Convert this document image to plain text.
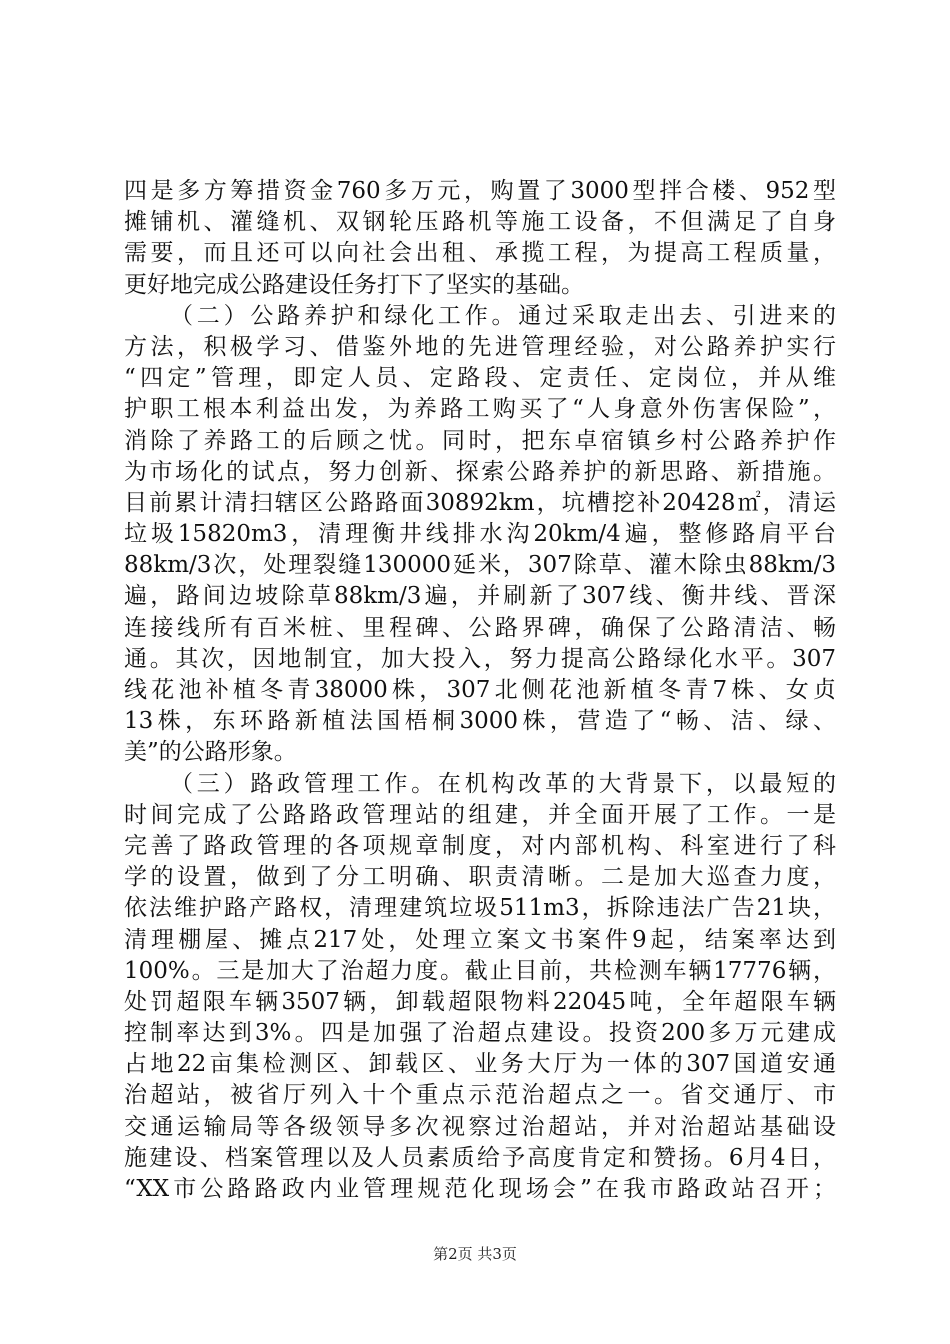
四是多方筹措资金760多万元，购置了3000型拌合楼、952型
摊铺机、灌缝机、双钢轮压路机等施工设备，不但满足了自身
需要，而且还可以向社会出租、承揽工程，为提高工程质量，
更好地完成公路建设任务打下了坚实的基础。
（二）公路养护和绿化工作。通过采取走出去、引进来的
方法，积极学习、借鉴外地的先进管理经验，对公路养护实行
“四定”管理，即定人员、定路段、定责任、定岗位，并从维
护职工根本利益出发，为养路工购买了“人身意外伤害保险”，
消除了养路工的后顾之忧。同时，把东卓宿镇乡村公路养护作
为市场化的试点，努力创新、探索公路养护的新思路、新措施。
目前累计清扫辖区公路路面30892km，坑槽挖补20428㎡，清运
垃圾15820m3，清理衡井线排水沟20km/4遍，整修路肩平台
88km/3次，处理裂缝130000延米，307除草、灌木除虫88km/3
遍，路间边坡除草88km/3遍，并刷新了307线、衡井线、晋深
连接线所有百米桩、里程碑、公路界碑，确保了公路清洁、畅
通。其次，因地制宜，加大投入，努力提高公路绿化水平。307
线花池补植冬青38000株，307北侧花池新植冬青7株、女贞
13株，东环路新植法国梧桐3000株，营造了“畅、洁、绿、
美”的公路形象。
（三）路政管理工作。在机构改革的大背景下，以最短的
时间完成了公路路政管理站的组建，并全面开展了工作。一是
完善了路政管理的各项规章制度，对内部机构、科室进行了科
学的设置，做到了分工明确、职责清晰。二是加大巡查力度，
依法维护路产路权，清理建筑垃圾511m3，拆除违法广告21块，
清理棚屋、摊点217处，处理立案文书案件9起，结案率达到
100%。三是加大了治超力度。截止目前，共检测车辆17776辆，
处罚超限车辆3507辆，卸载超限物料22045吨，全年超限车辆
控制率达到3%。四是加强了治超点建设。投资200多万元建成
占地22亩集检测区、卸载区、业务大厅为一体的307国道安通
治超站，被省厅列入十个重点示范治超点之一。省交通厅、市
交通运输局等各级领导多次视察过治超站，并对治超站基础设
施建设、档案管理以及人员素质给予高度肯定和赞扬。6月4日，
“XX市公路路政内业管理规范化现场会”在我市路政站召开；
第2页 共3页
